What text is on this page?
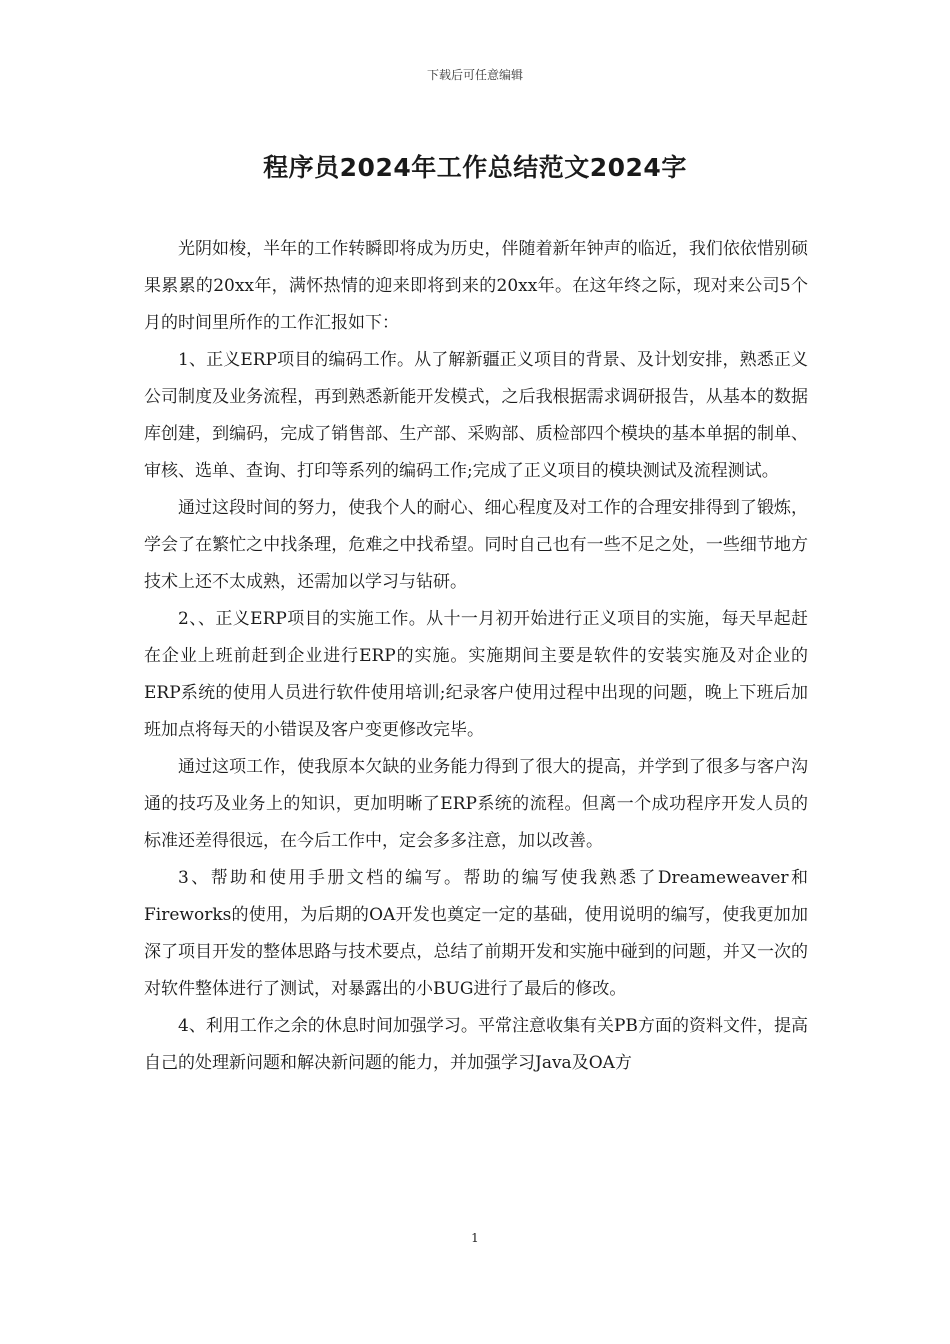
下载后可任意编辑
程序员2024年工作总结范文2024字

光阴如梭，半年的工作转瞬即将成为历史，伴随着新年钟声的临近，我们依依惜别硕果累累的20xx年，满怀热情的迎来即将到来的20xx年。在这年终之际，现对来公司5个月的时间里所作的工作汇报如下：

1、正义ERP项目的编码工作。从了解新疆正义项目的背景、及计划安排，熟悉正义公司制度及业务流程，再到熟悉新能开发模式，之后我根据需求调研报告，从基本的数据库创建，到编码，完成了销售部、生产部、采购部、质检部四个模块的基本单据的制单、审核、选单、查询、打印等系列的编码工作;完成了正义项目的模块测试及流程测试。

通过这段时间的努力，使我个人的耐心、细心程度及对工作的合理安排得到了锻炼，学会了在繁忙之中找条理，危难之中找希望。同时自己也有一些不足之处，一些细节地方技术上还不太成熟，还需加以学习与钻研。

2、、正义ERP项目的实施工作。从十一月初开始进行正义项目的实施，每天早起赶在企业上班前赶到企业进行ERP的实施。实施期间主要是软件的安装实施及对企业的ERP系统的使用人员进行软件使用培训;纪录客户使用过程中出现的问题，晚上下班后加班加点将每天的小错误及客户变更修改完毕。

通过这项工作，使我原本欠缺的业务能力得到了很大的提高，并学到了很多与客户沟通的技巧及业务上的知识，更加明晰了ERP系统的流程。但离一个成功程序开发人员的标准还差得很远，在今后工作中，定会多多注意，加以改善。

3、帮助和使用手册文档的编写。帮助的编写使我熟悉了Dreameweaver和Fireworks的使用，为后期的OA开发也奠定一定的基础，使用说明的编写，使我更加加深了项目开发的整体思路与技术要点，总结了前期开发和实施中碰到的问题，并又一次的对软件整体进行了测试，对暴露出的小BUG进行了最后的修改。

4、利用工作之余的休息时间加强学习。平常注意收集有关PB方面的资料文件，提高自己的处理新问题和解决新问题的能力，并加强学习Java及OA方

1
